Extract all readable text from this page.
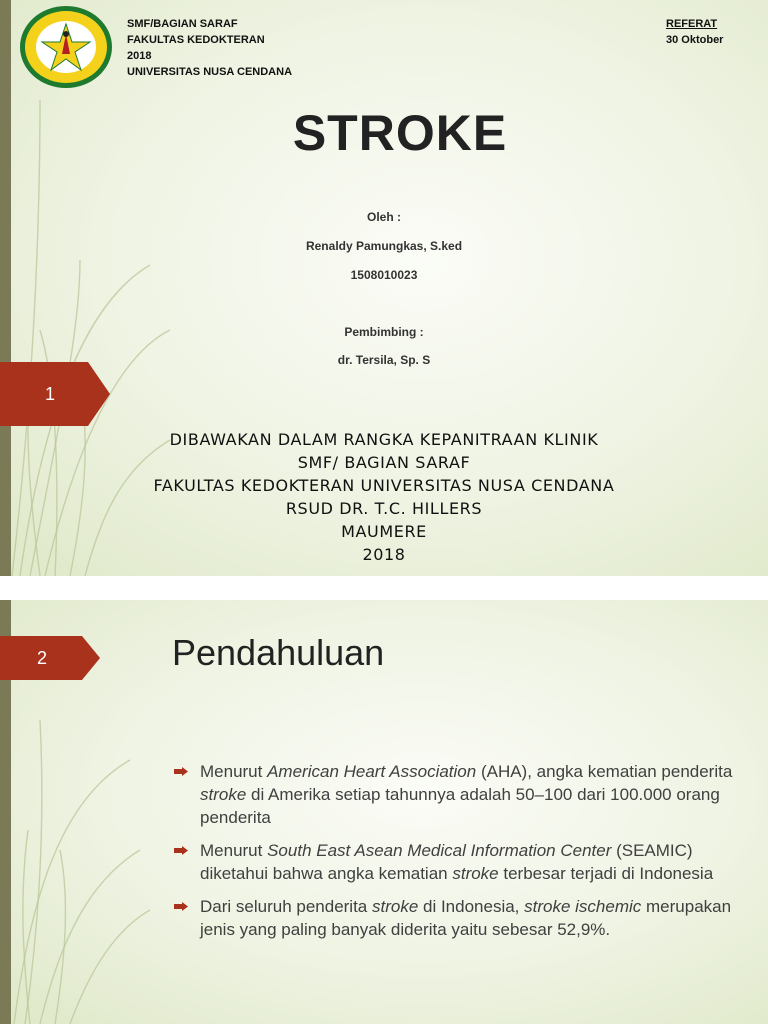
SMF/BAGIAN SARAF
FAKULTAS KEDOKTERAN
2018
UNIVERSITAS NUSA CENDANA
REFERAT
30 Oktober
STROKE
Oleh :
Renaldy Pamungkas, S.ked
1508010023
Pembimbing :
dr. Tersila, Sp. S
1
DIBAWAKAN DALAM RANGKA KEPANITRAAN KLINIK
SMF/ BAGIAN SARAF
FAKULTAS KEDOKTERAN UNIVERSITAS NUSA CENDANA
RSUD DR. T.C. HILLERS
MAUMERE
2018
2	Pendahuluan
Menurut American Heart Association (AHA), angka kematian penderita stroke di Amerika setiap tahunnya adalah 50–100 dari 100.000 orang penderita
Menurut South East Asean Medical Information Center (SEAMIC) diketahui bahwa angka kematian stroke terbesar terjadi di Indonesia
Dari seluruh penderita stroke di Indonesia, stroke ischemic merupakan jenis yang paling banyak diderita yaitu sebesar 52,9%.
